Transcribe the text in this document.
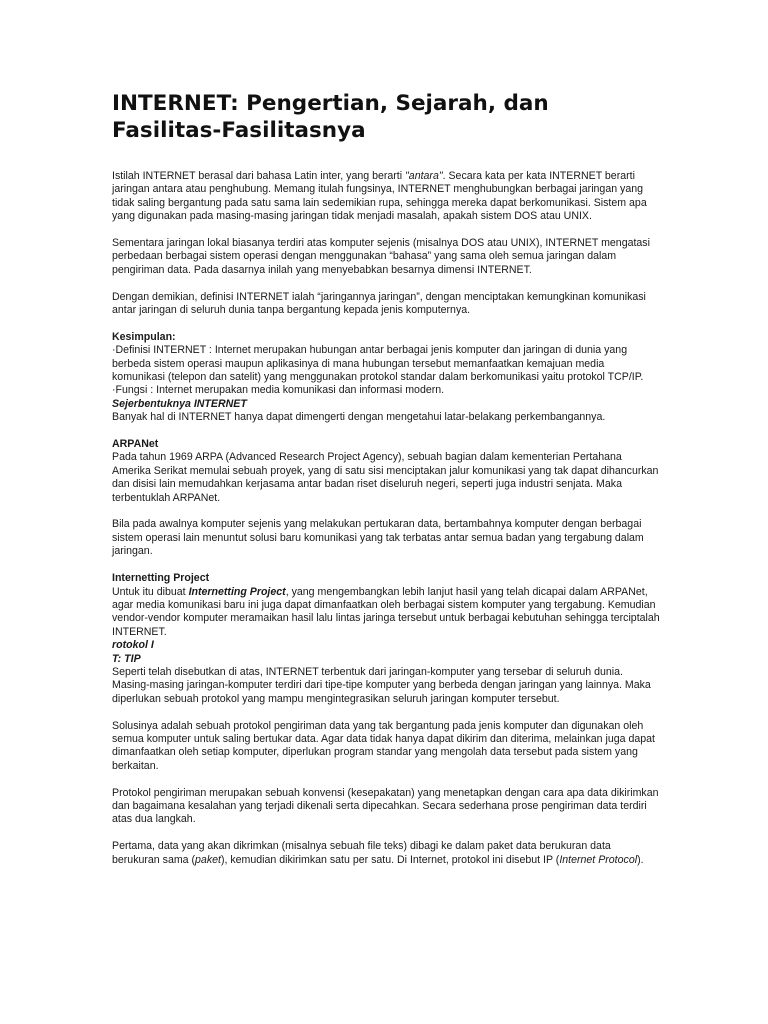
INTERNET: Pengertian, Sejarah, dan Fasilitas-Fasilitasnya

Istilah INTERNET berasal dari bahasa Latin inter, yang berarti "antara". Secara kata per kata INTERNET berarti jaringan antara atau penghubung. Memang itulah fungsinya, INTERNET menghubungkan berbagai jaringan yang tidak saling bergantung pada satu sama lain sedemikian rupa, sehingga mereka dapat berkomunikasi. Sistem apa yang digunakan pada masing-masing jaringan tidak menjadi masalah, apakah sistem DOS atau UNIX.

Sementara jaringan lokal biasanya terdiri atas komputer sejenis (misalnya DOS atau UNIX), INTERNET mengatasi perbedaan berbagai sistem operasi dengan menggunakan “bahasa” yang sama oleh semua jaringan dalam pengiriman data. Pada dasarnya inilah yang menyebabkan besarnya dimensi INTERNET.

Dengan demikian, definisi INTERNET ialah “jaringannya jaringan”, dengan menciptakan kemungkinan komunikasi antar jaringan di seluruh dunia tanpa bergantung kepada jenis komputernya.

Kesimpulan:

·Definisi INTERNET : Internet merupakan hubungan antar berbagai jenis komputer dan jaringan di dunia yang berbeda sistem operasi maupun aplikasinya di mana hubungan tersebut memanfaatkan kemajuan media komunikasi (telepon dan satelit) yang menggunakan protokol standar dalam berkomunikasi yaitu protokol TCP/IP.

·Fungsi : Internet merupakan media komunikasi dan informasi modern.

Sejerbentuknya INTERNET

Banyak hal di INTERNET hanya dapat dimengerti dengan mengetahui latar-belakang perkembangannya.

ARPANet

Pada tahun 1969 ARPA (Advanced Research Project Agency), sebuah bagian dalam kementerian Pertahana Amerika Serikat memulai sebuah proyek, yang di satu sisi menciptakan jalur komunikasi yang tak dapat dihancurkan dan disisi lain memudahkan kerjasama antar badan riset diseluruh negeri, seperti juga industri senjata. Maka terbentuklah ARPANet.

Bila pada awalnya komputer sejenis yang melakukan pertukaran data, bertambahnya komputer dengan berbagai sistem operasi lain menuntut solusi baru komunikasi yang tak terbatas antar semua badan yang tergabung dalam jaringan.

Internetting Project

Untuk itu dibuat Internetting Project, yang mengembangkan lebih lanjut hasil yang telah dicapai dalam ARPANet, agar media komunikasi baru ini juga dapat dimanfaatkan oleh berbagai sistem komputer yang tergabung. Kemudian vendor-vendor komputer meramaikan hasil lalu lintas jaringa tersebut untuk berbagai kebutuhan sehingga terciptalah INTERNET.

rotokol I

T: TIP

Seperti telah disebutkan di atas, INTERNET terbentuk dari jaringan-komputer yang tersebar di seluruh dunia. Masing-masing jaringan-komputer terdiri dari tipe-tipe komputer yang berbeda dengan jaringan yang lainnya. Maka diperlukan sebuah protokol yang mampu mengintegrasikan seluruh jaringan komputer tersebut.

Solusinya adalah sebuah protokol pengiriman data yang tak bergantung pada jenis komputer dan digunakan oleh semua komputer untuk saling bertukar data. Agar data tidak hanya dapat dikirim dan diterima, melainkan juga dapat dimanfaatkan oleh setiap komputer, diperlukan program standar yang mengolah data tersebut pada sistem yang berkaitan.

Protokol pengiriman merupakan sebuah konvensi (kesepakatan) yang menetapkan dengan cara apa data dikirimkan dan bagaimana kesalahan yang terjadi dikenali serta dipecahkan. Secara sederhana prose pengiriman data terdiri atas dua langkah.

Pertama, data yang akan dikrimkan (misalnya sebuah file teks) dibagi ke dalam paket data berukuran data berukuran sama (paket), kemudian dikirimkan satu per satu. Di Internet, protokol ini disebut IP (Internet Protocol).
